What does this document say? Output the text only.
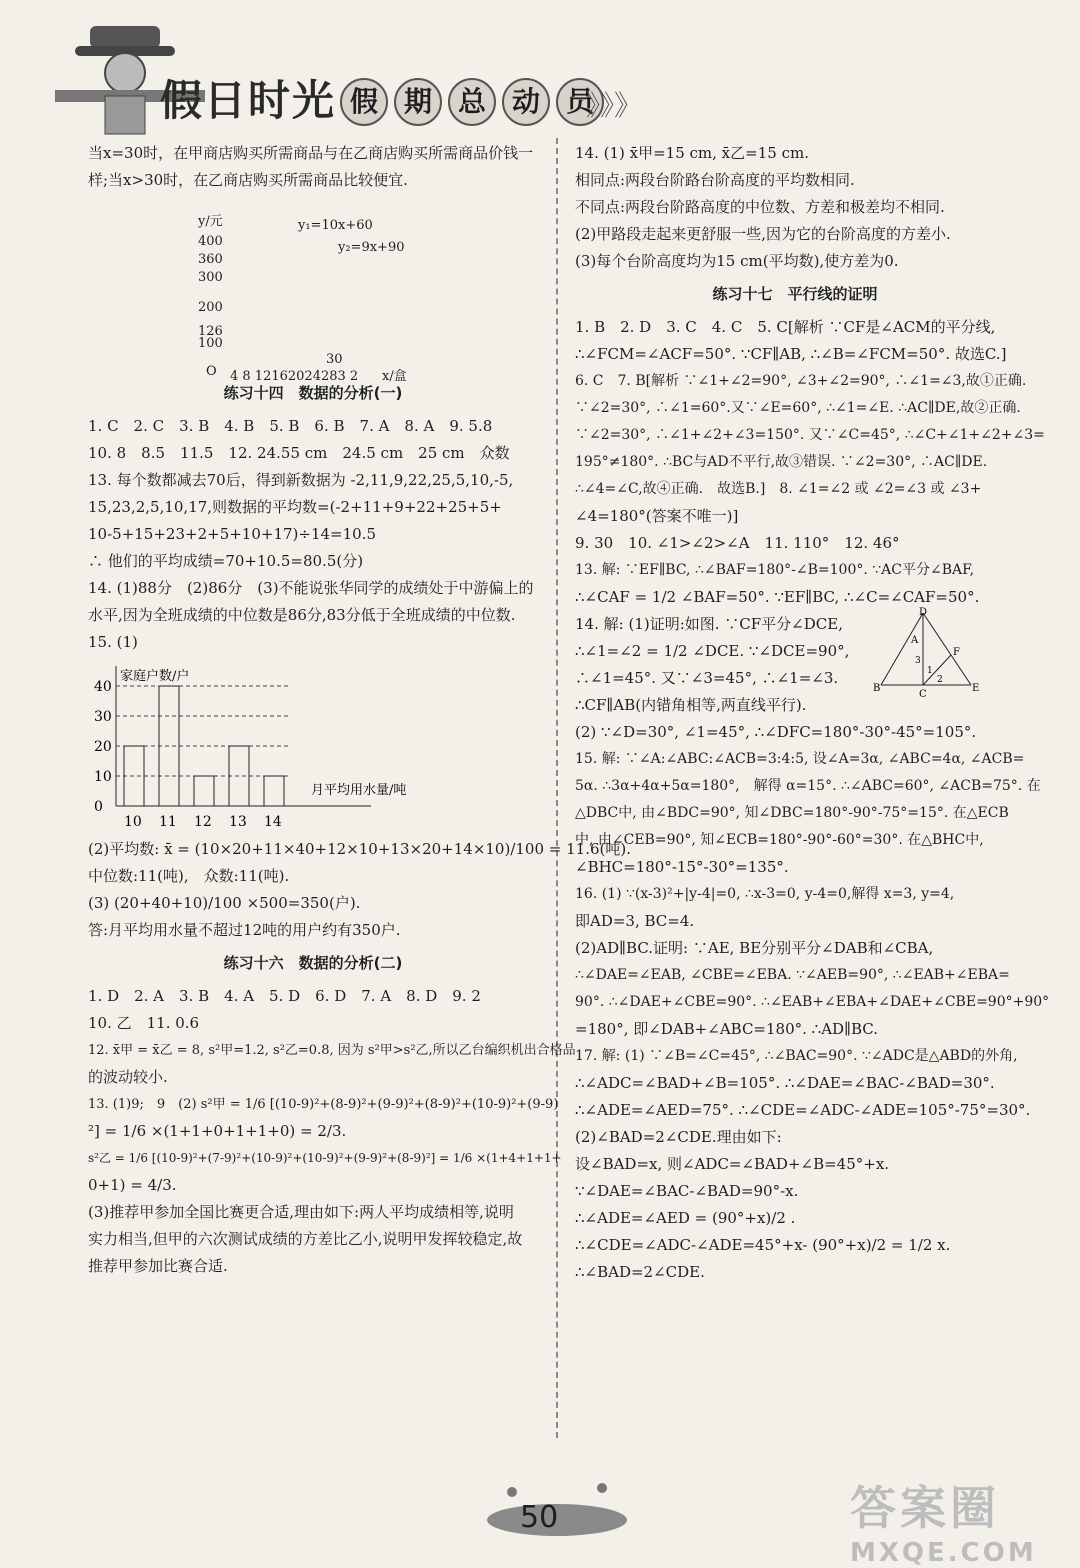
假日时光 假 期 总 动 员
》》》
当x=30时，在甲商店购买所需商品与在乙商店购买所需商品价钱一
样;当x>30时，在乙商店购买所需商品比较便宜.
y/元	y₁=10x+60
400	y₂=9x+90
360
300
200
126
100
30
O 4 8 12162024283 2 x/盒
练习十四　数据的分析(一)
1. C　2. C　3. B　4. B　5. B　6. B　7. A　8. A　9. 5.8
10. 8　8.5　11.5　12. 24.55 cm　24.5 cm　25 cm　众数
13. 每个数都减去70后，得到新数据为 -2,11,9,22,25,5,10,-5,
15,23,2,5,10,17,则数据的平均数=(-2+11+9+22+25+5+
10-5+15+23+2+5+10+17)÷14=10.5
∴ 他们的平均成绩=70+10.5=80.5(分)
14. (1)88分　(2)86分　(3)不能说张华同学的成绩处于中游偏上的
水平,因为全班成绩的中位数是86分,83分低于全班成绩的中位数.
15. (1)
家庭户数/户
月平均用水量/吨
0
10
20
30
40
10 11 12 13 14
(2)平均数: x̄ = (10×20+11×40+12×10+13×20+14×10)/100 = 11.6(吨).
中位数:11(吨),　众数:11(吨).
(3) (20+40+10)/100 ×500=350(户).
答:月平均用水量不超过12吨的用户约有350户.
练习十六　数据的分析(二)
1. D　2. A　3. B　4. A　5. D　6. D　7. A　8. D　9. 2
10. 乙　11. 0.6
12. x̄甲 = x̄乙 = 8, s²甲=1.2, s²乙=0.8, 因为 s²甲>s²乙,所以乙台编织机出合格品
的波动较小.
13. (1)9;　9　(2) s²甲 = 1/6 [(10-9)²+(8-9)²+(9-9)²+(8-9)²+(10-9)²+(9-9)
²] = 1/6 ×(1+1+0+1+1+0) = 2/3.
s²乙 = 1/6 [(10-9)²+(7-9)²+(10-9)²+(10-9)²+(9-9)²+(8-9)²] = 1/6 ×(1+4+1+1+
0+1) = 4/3.
(3)推荐甲参加全国比赛更合适,理由如下:两人平均成绩相等,说明
实力相当,但甲的六次测试成绩的方差比乙小,说明甲发挥较稳定,故
推荐甲参加比赛合适.
14. (1) x̄甲=15 cm, x̄乙=15 cm.
相同点:两段台阶路台阶高度的平均数相同.
不同点:两段台阶路高度的中位数、方差和极差均不相同.
(2)甲路段走起来更舒服一些,因为它的台阶高度的方差小.
(3)每个台阶高度均为15 cm(平均数),使方差为0.
练习十七　平行线的证明
1. B　2. D　3. C　4. C　5. C[解析 ∵CF是∠ACM的平分线,
∴∠FCM=∠ACF=50°. ∵CF∥AB, ∴∠B=∠FCM=50°. 故选C.]
6. C　7. B[解析 ∵∠1+∠2=90°, ∠3+∠2=90°, ∴∠1=∠3,故①正确.
∵∠2=30°, ∴∠1=60°.又∵∠E=60°, ∴∠1=∠E. ∴AC∥DE,故②正确.
∵∠2=30°, ∴∠1+∠2+∠3=150°. 又∵∠C=45°, ∴∠C+∠1+∠2+∠3=
195°≠180°. ∴BC与AD不平行,故③错误. ∵∠2=30°, ∴AC∥DE.
∴∠4=∠C,故④正确.　故选B.]　8. ∠1=∠2 或 ∠2=∠3 或 ∠3+
∠4=180°(答案不唯一)]
9. 30　10. ∠1>∠2>∠A　11. 110°　12. 46°
13. 解: ∵EF∥BC, ∴∠BAF=180°-∠B=100°. ∵AC平分∠BAF,
∴∠CAF = 1/2 ∠BAF=50°. ∵EF∥BC, ∴∠C=∠CAF=50°.
14. 解: (1)证明:如图. ∵CF平分∠DCE,
∴∠1=∠2 = 1/2 ∠DCE. ∵∠DCE=90°,
∴∠1=45°. 又∵∠3=45°, ∴∠1=∠3.
∴CF∥AB(内错角相等,两直线平行).
D
A
B
C
E
F
1
2
3
(2) ∵∠D=30°, ∠1=45°, ∴∠DFC=180°-30°-45°=105°.
15. 解: ∵∠A:∠ABC:∠ACB=3:4:5, 设∠A=3α, ∠ABC=4α, ∠ACB=
5α. ∴3α+4α+5α=180°,　解得 α=15°. ∴∠ABC=60°, ∠ACB=75°. 在
△DBC中, 由∠BDC=90°, 知∠DBC=180°-90°-75°=15°. 在△ECB
中, 由∠CEB=90°, 知∠ECB=180°-90°-60°=30°. 在△BHC中,
∠BHC=180°-15°-30°=135°.
16. (1) ∵(x-3)²+|y-4|=0, ∴x-3=0, y-4=0,解得 x=3, y=4,
即AD=3, BC=4.
(2)AD∥BC.证明: ∵AE, BE分别平分∠DAB和∠CBA,
∴∠DAE=∠EAB, ∠CBE=∠EBA. ∵∠AEB=90°, ∴∠EAB+∠EBA=
90°. ∴∠DAE+∠CBE=90°. ∴∠EAB+∠EBA+∠DAE+∠CBE=90°+90°
=180°, 即∠DAB+∠ABC=180°. ∴AD∥BC.
17. 解: (1) ∵∠B=∠C=45°, ∴∠BAC=90°. ∵∠ADC是△ABD的外角,
∴∠ADC=∠BAD+∠B=105°. ∴∠DAE=∠BAC-∠BAD=30°.
∴∠ADE=∠AED=75°. ∴∠CDE=∠ADC-∠ADE=105°-75°=30°.
(2)∠BAD=2∠CDE.理由如下:
设∠BAD=x, 则∠ADC=∠BAD+∠B=45°+x.
∵∠DAE=∠BAC-∠BAD=90°-x.
∴∠ADE=∠AED = (90°+x)/2 .
∴∠CDE=∠ADC-∠ADE=45°+x- (90°+x)/2 = 1/2 x.
∴∠BAD=2∠CDE.
50	答案圈
MXQE.COM
